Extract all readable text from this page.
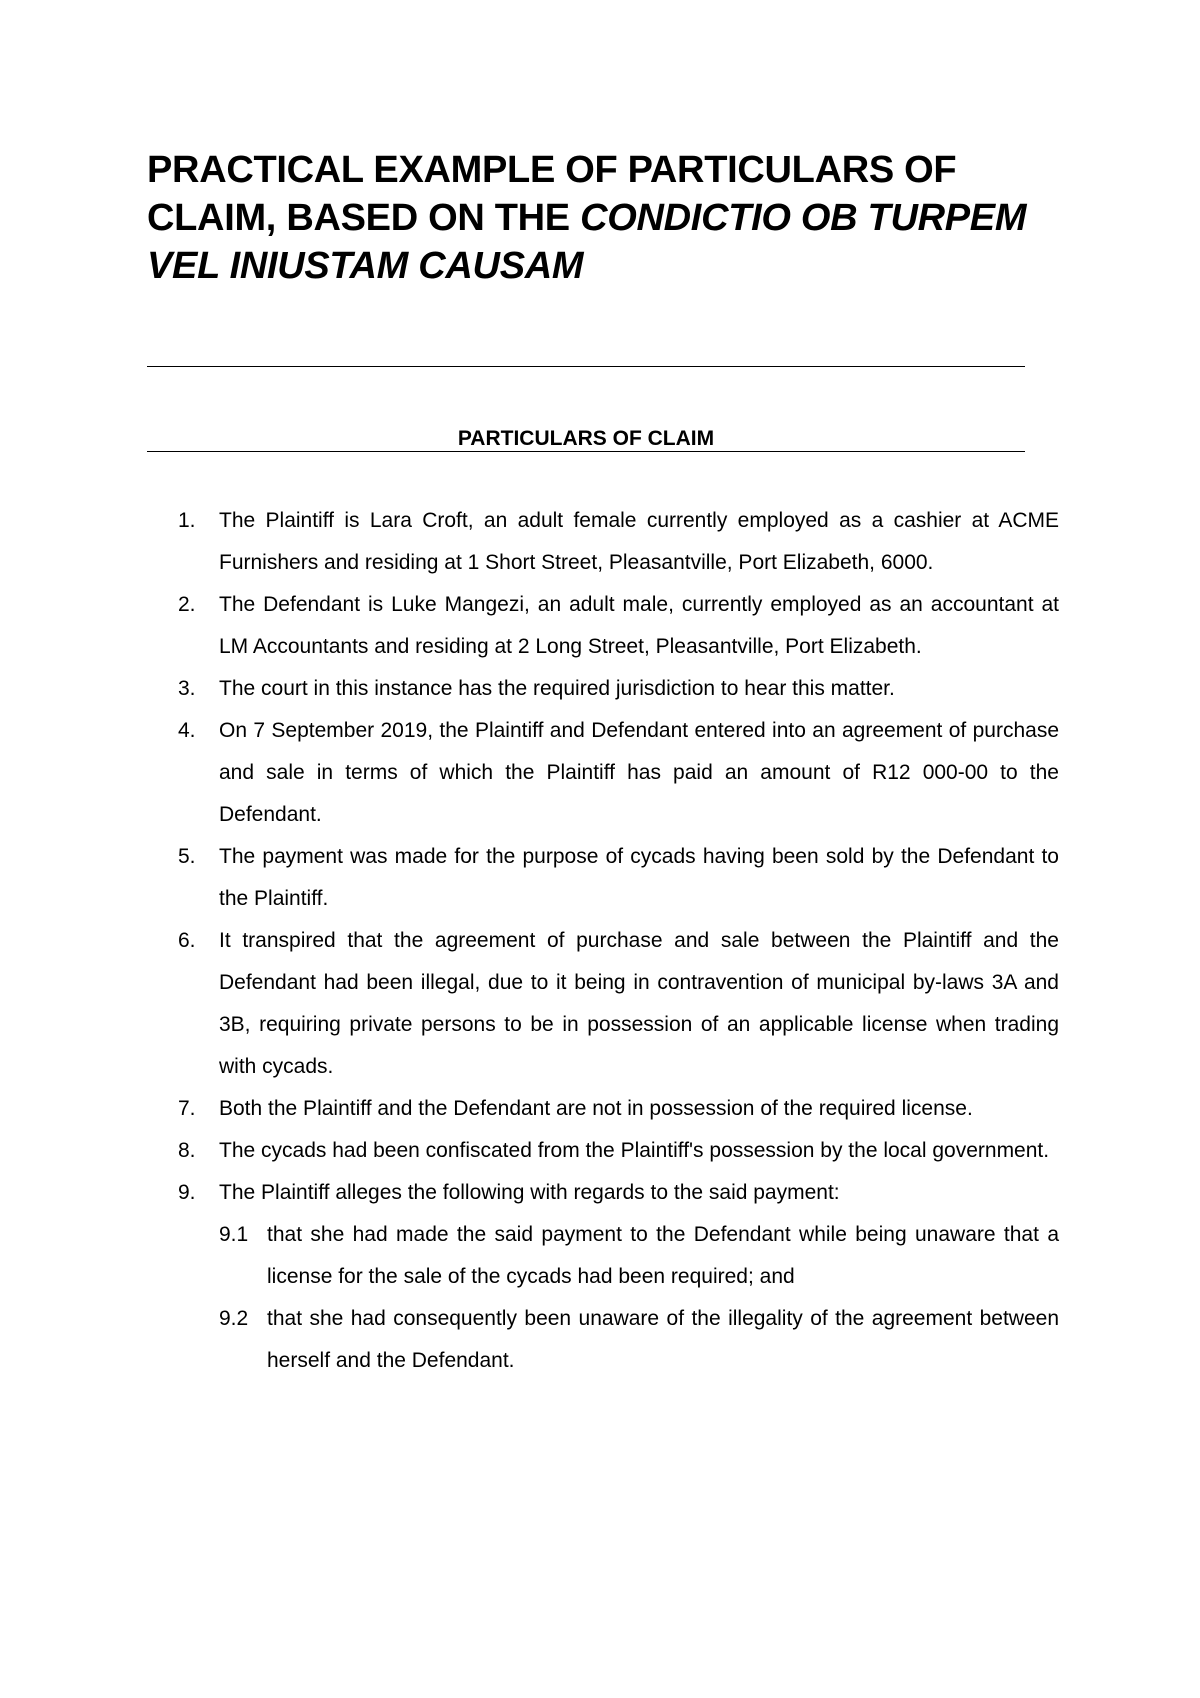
PRACTICAL EXAMPLE OF PARTICULARS OF CLAIM, BASED ON THE CONDICTIO OB TURPEM VEL INIUSTAM CAUSAM
PARTICULARS OF CLAIM
1. The Plaintiff is Lara Croft, an adult female currently employed as a cashier at ACME Furnishers and residing at 1 Short Street, Pleasantville, Port Elizabeth, 6000.
2. The Defendant is Luke Mangezi, an adult male, currently employed as an accountant at LM Accountants and residing at 2 Long Street, Pleasantville, Port Elizabeth.
3. The court in this instance has the required jurisdiction to hear this matter.
4. On 7 September 2019, the Plaintiff and Defendant entered into an agreement of purchase and sale in terms of which the Plaintiff has paid an amount of R12 000-00 to the Defendant.
5. The payment was made for the purpose of cycads having been sold by the Defendant to the Plaintiff.
6. It transpired that the agreement of purchase and sale between the Plaintiff and the Defendant had been illegal, due to it being in contravention of municipal by-laws 3A and 3B, requiring private persons to be in possession of an applicable license when trading with cycads.
7. Both the Plaintiff and the Defendant are not in possession of the required license.
8. The cycads had been confiscated from the Plaintiff's possession by the local government.
9. The Plaintiff alleges the following with regards to the said payment:
9.1 that she had made the said payment to the Defendant while being unaware that a license for the sale of the cycads had been required; and
9.2 that she had consequently been unaware of the illegality of the agreement between herself and the Defendant.
